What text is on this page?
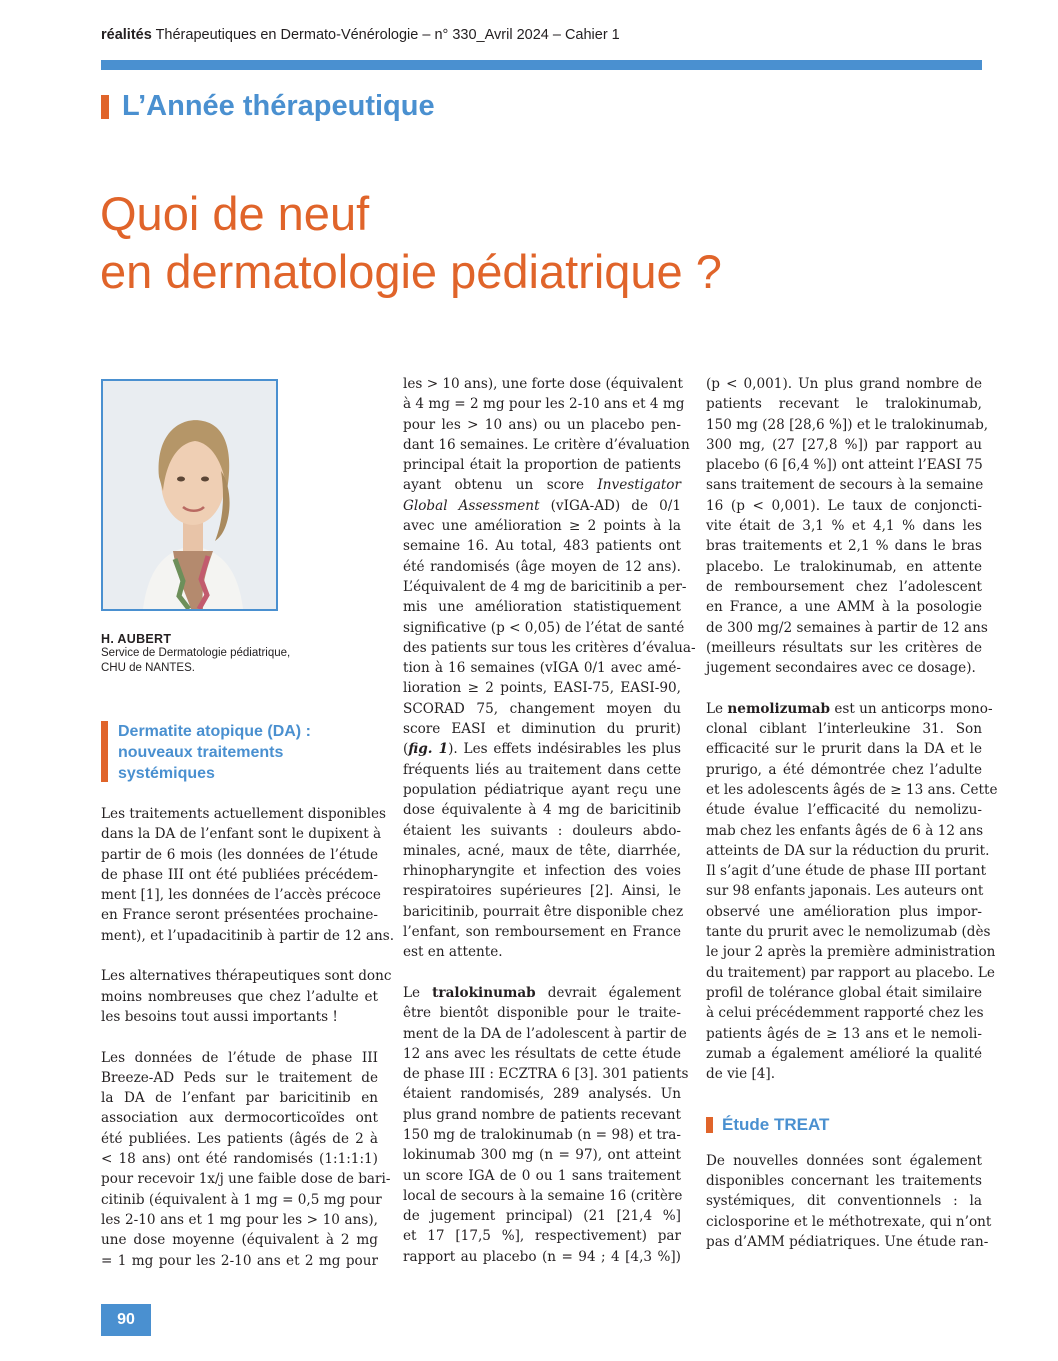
réalités Thérapeutiques en Dermato-Vénérologie – n° 330_Avril 2024 – Cahier 1
L’Année thérapeutique
Quoi de neuf
en dermatologie pédiatrique ?
H. AUBERT
Service de Dermatologie pédiatrique,
CHU de NANTES.
Dermatite atopique (DA) :
nouveaux traitements
systémiques

Les traitements actuellement disponibles
dans la DA de l’enfant sont le dupixent à
partir de 6 mois (les données de l’étude
de phase III ont été publiées précédem-
ment [1], les données de l’accès précoce
en France seront présentées prochaine-
ment), et l’upadacitinib à partir de 12 ans.

Les alternatives thérapeutiques sont donc
moins nombreuses que chez l’adulte et
les besoins tout aussi importants !

Les données de l’étude de phase III
Breeze-AD Peds sur le traitement de
la DA de l’enfant par baricitinib en
association aux dermocorticoïdes ont
été publiées. Les patients (âgés de 2 à
< 18 ans) ont été randomisés (1:1:1:1)
pour recevoir 1x/j une faible dose de bari-
citinib (équivalent à 1 mg = 0,5 mg pour
les 2-10 ans et 1 mg pour les > 10 ans),
une dose moyenne (équivalent à 2 mg
= 1 mg pour les 2-10 ans et 2 mg pour

les > 10 ans), une forte dose (équivalent
à 4 mg = 2 mg pour les 2-10 ans et 4 mg
pour les > 10 ans) ou un placebo pen-
dant 16 semaines. Le critère d’évaluation
principal était la proportion de patients
ayant obtenu un score Investigator
Global Assessment (vIGA-AD) de 0/1
avec une amélioration ≥ 2 points à la
semaine 16. Au total, 483 patients ont
été randomisés (âge moyen de 12 ans).
L’équivalent de 4 mg de baricitinib a per-
mis une amélioration statistiquement
significative (p < 0,05) de l’état de santé
des patients sur tous les critères d’évalua-
tion à 16 semaines (vIGA 0/1 avec amé-
lioration ≥ 2 points, EASI-75, EASI-90,
SCORAD 75, changement moyen du
score EASI et diminution du prurit)
(fig. 1). Les effets indésirables les plus
fréquents liés au traitement dans cette
population pédiatrique ayant reçu une
dose équivalente à 4 mg de baricitinib
étaient les suivants : douleurs abdo-
minales, acné, maux de tête, diarrhée,
rhinopharyngite et infection des voies
respiratoires supérieures [2]. Ainsi, le
baricitinib, pourrait être disponible chez
l’enfant, son remboursement en France
est en attente.

Le tralokinumab devrait également
être bientôt disponible pour le traite-
ment de la DA de l’adolescent à partir de
12 ans avec les résultats de cette étude
de phase III : ECZTRA 6 [3]. 301 patients
étaient randomisés, 289 analysés. Un
plus grand nombre de patients recevant
150 mg de tralokinumab (n = 98) et tra-
lokinumab 300 mg (n = 97), ont atteint
un score IGA de 0 ou 1 sans traitement
local de secours à la semaine 16 (critère
de jugement principal) (21 [21,4 %]
et 17 [17,5 %], respectivement) par
rapport au placebo (n = 94 ; 4 [4,3 %])

(p < 0,001). Un plus grand nombre de
patients recevant le tralokinumab,
150 mg (28 [28,6 %]) et le tralokinumab,
300 mg, (27 [27,8 %]) par rapport au
placebo (6 [6,4 %]) ont atteint l’EASI 75
sans traitement de secours à la semaine
16 (p < 0,001). Le taux de conjoncti-
vite était de 3,1 % et 4,1 % dans les
bras traitements et 2,1 % dans le bras
placebo. Le tralokinumab, en attente
de remboursement chez l’adolescent
en France, a une AMM à la posologie
de 300 mg/2 semaines à partir de 12 ans
(meilleurs résultats sur les critères de
jugement secondaires avec ce dosage).

Le nemolizumab est un anticorps mono-
clonal ciblant l’interleukine 31. Son
efficacité sur le prurit dans la DA et le
prurigo, a été démontrée chez l’adulte
et les adolescents âgés de ≥ 13 ans. Cette
étude évalue l’efficacité du nemolizu-
mab chez les enfants âgés de 6 à 12 ans
atteints de DA sur la réduction du prurit.
Il s’agit d’une étude de phase III portant
sur 98 enfants japonais. Les auteurs ont
observé une amélioration plus impor-
tante du prurit avec le nemolizumab (dès
le jour 2 après la première administration
du traitement) par rapport au placebo. Le
profil de tolérance global était similaire
à celui précédemment rapporté chez les
patients âgés de ≥ 13 ans et le nemoli-
zumab a également amélioré la qualité
de vie [4].

Étude TREAT

De nouvelles données sont également
disponibles concernant les traitements
systémiques, dit conventionnels : la
ciclosporine et le méthotrexate, qui n’ont
pas d’AMM pédiatriques. Une étude ran-

90
